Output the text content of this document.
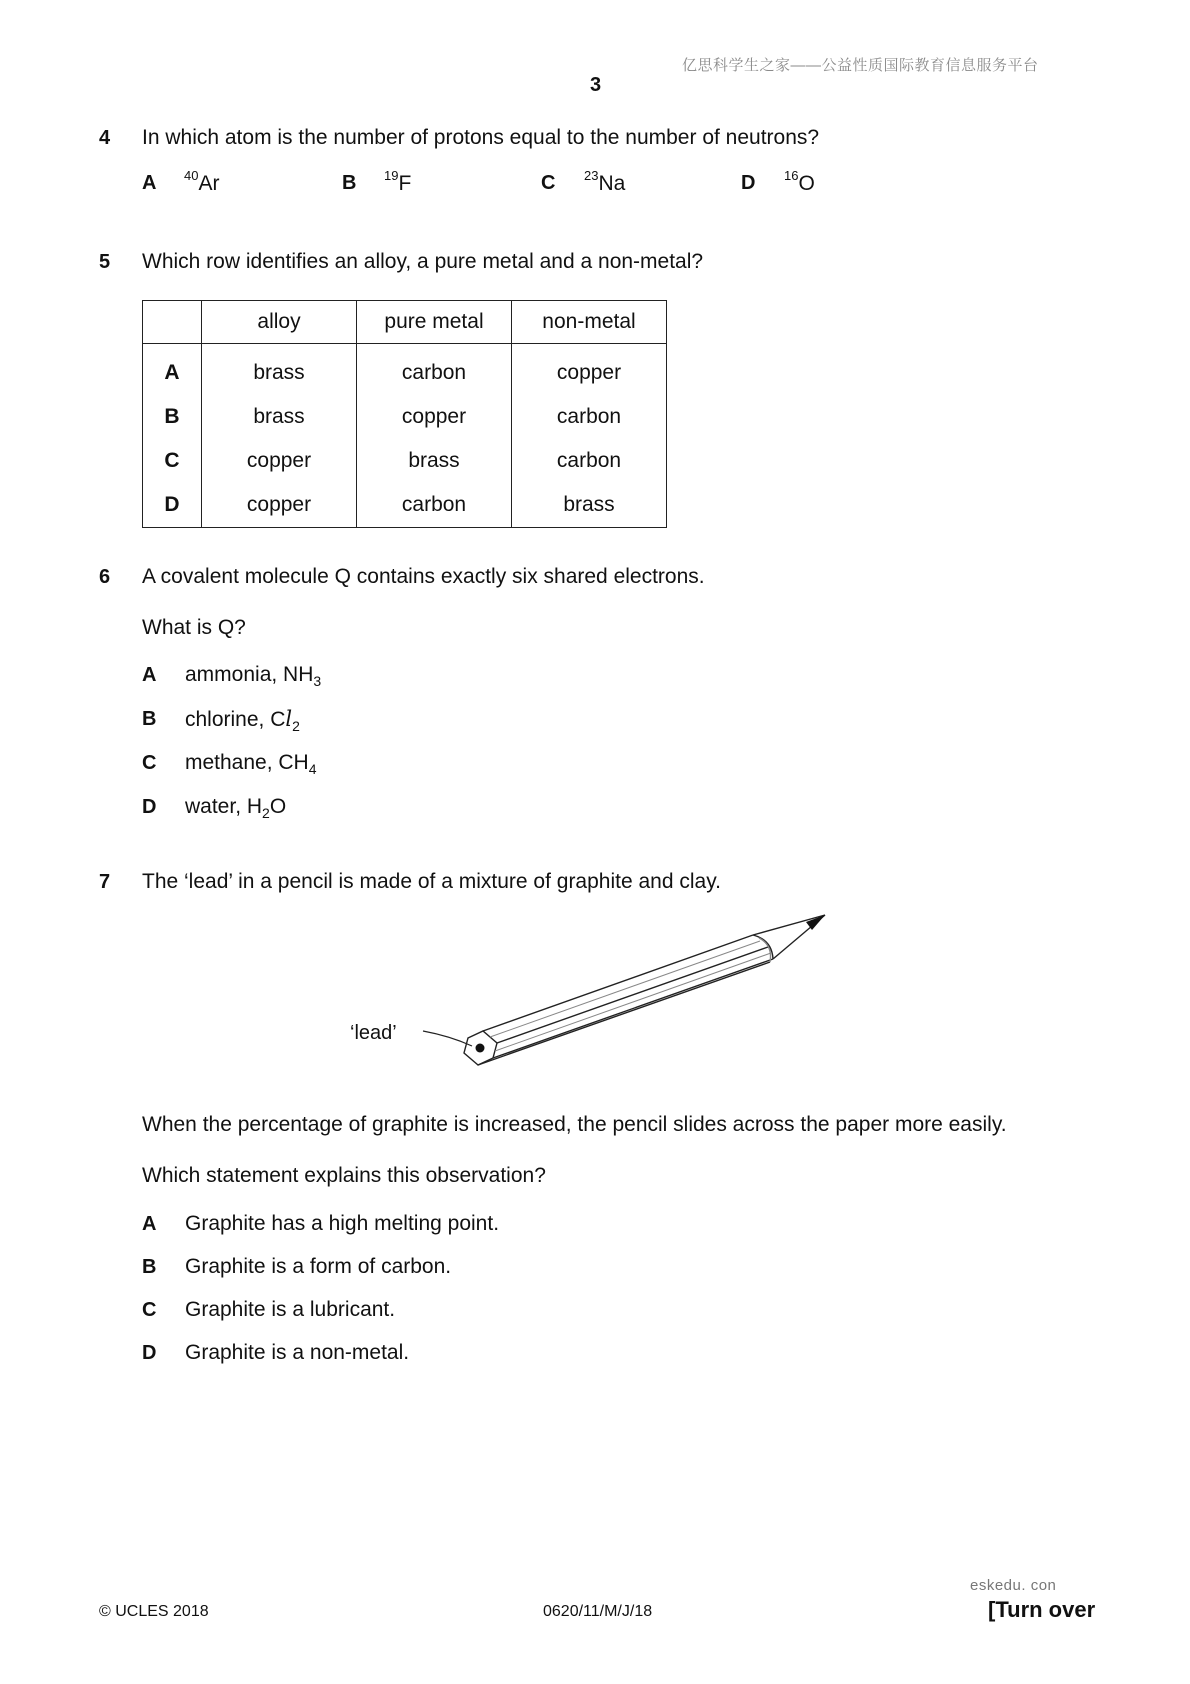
亿思科学生之家——公益性质国际教育信息服务平台
3
4 In which atom is the number of protons equal to the number of neutrons?
A $^{40}$Ar	B $^{19}$F	C $^{23}$Na	D $^{16}$O
5 Which row identifies an alloy, a pure metal and a non-metal?
	alloy	pure metal	non-metal
A	brass	carbon	copper
B	brass	copper	carbon
C	copper	brass	carbon
D	copper	carbon	brass
6 A covalent molecule Q contains exactly six shared electrons.
What is Q?
A ammonia, $NH_3$
B chlorine, $Cl_2$
C methane, $CH_4$
D water, $H_2O$
7 The ‘lead’ in a pencil is made of a mixture of graphite and clay.
‘lead’
When the percentage of graphite is increased, the pencil slides across the paper more easily.
Which statement explains this observation?
A Graphite has a high melting point.
B Graphite is a form of carbon.
C Graphite is a lubricant.
D Graphite is a non-metal.
eskedu. con
© UCLES 2018	0620/11/M/J/18	[Turn over
